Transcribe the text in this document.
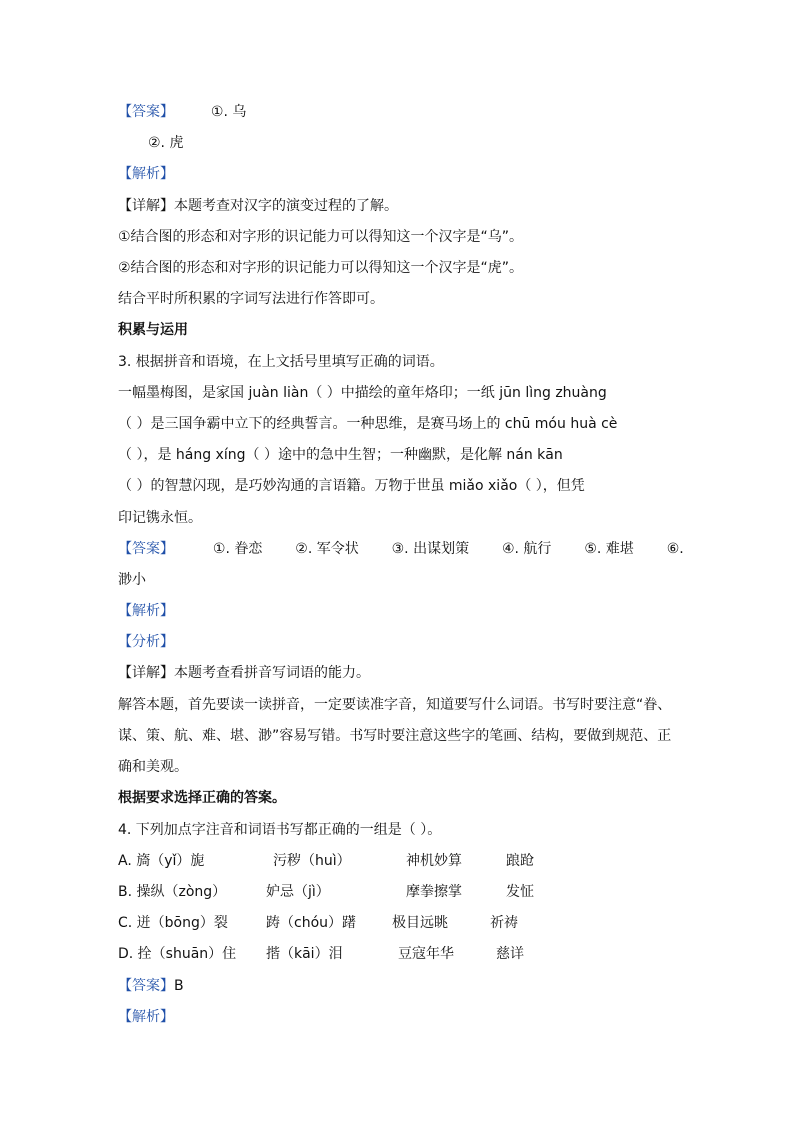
【答案】	①. 乌
②. 虎
【解析】
【详解】本题考查对汉字的演变过程的了解。
①结合图的形态和对字形的识记能力可以得知这一个汉字是“乌”。
②结合图的形态和对字形的识记能力可以得知这一个汉字是“虎”。
结合平时所积累的字词写法进行作答即可。
积累与运用
3. 根据拼音和语境，在上文括号里填写正确的词语。
一幅墨梅图，是家国 juàn liàn（ ）中描绘的童年烙印；一纸 jūn lìng zhuàng
（ ）是三国争霸中立下的经典誓言。一种思维，是赛马场上的 chū móu huà cè
（ ），是 háng xíng（ ）途中的急中生智；一种幽默，是化解 nán kān
（ ）的智慧闪现，是巧妙沟通的言语籍。万物于世虽 miǎo xiǎo（ ），但凭
印记镌永恒。
【答案】	①. 眷恋 ②. 军令状 ③. 出谋划策 ④. 航行 ⑤. 难堪 ⑥.
渺小
【解析】
【分析】
【详解】本题考查看拼音写词语的能力。
解答本题，首先要读一读拼音，一定要读准字音，知道要写什么词语。书写时要注意“眷、
谋、策、航、难、堪、渺”容易写错。书写时要注意这些字的笔画、结构，要做到规范、正
确和美观。
根据要求选择正确的答案。
4. 下列加点字注音和词语书写都正确的一组是（ ）。
A. 旖（yǐ）旎	污秽（huì）	神机妙算	踉跄
B. 操纵（zòng）	妒忌（jì）	摩拳擦掌	发怔
C. 迸（bōng）裂	踌（chóu）躇	极目远眺	祈祷
D. 拴（shuān）住 揩（kāi）泪	豆寇年华	慈详
【答案】B
【解析】
